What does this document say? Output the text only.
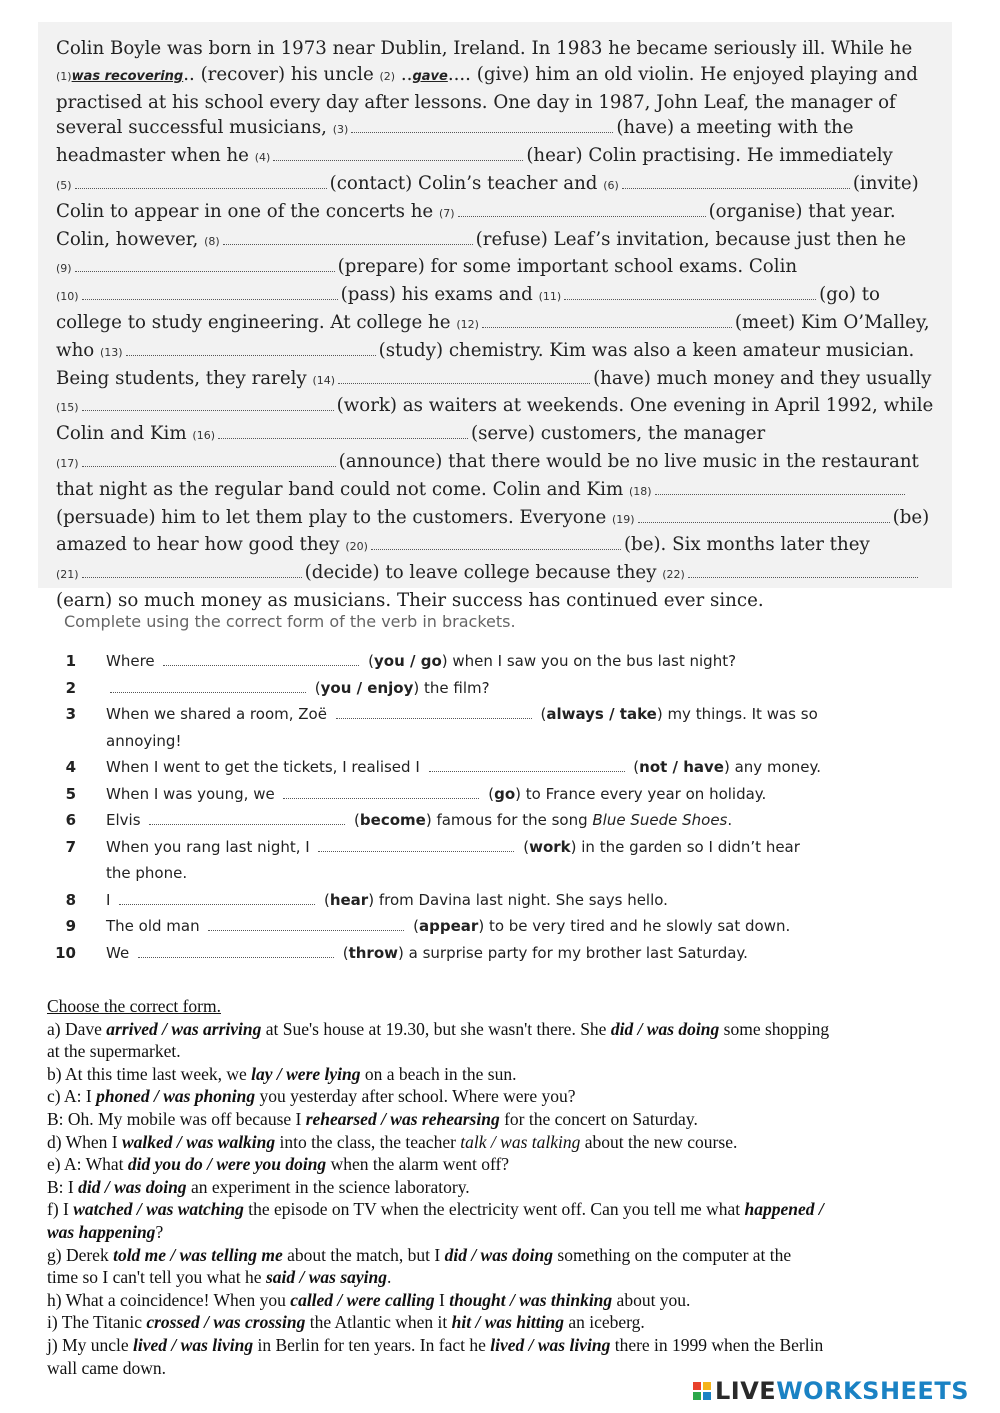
Colin Boyle was born in 1973 near Dublin, Ireland. In 1983 he became seriously ill. While he
(1)was recovering.. (recover) his uncle (2) ..gave.... (give) him an old violin. He enjoyed playing and
practised at his school every day after lessons. One day in 1987, John Leaf, the manager of
several successful musicians, (3)	(have) a meeting with the
headmaster when he (4)	(hear) Colin practising. He immediately
(5)	(contact) Colin’s teacher and (6)	(invite)
Colin to appear in one of the concerts he (7)	(organise) that year.
Colin, however, (8)	(refuse) Leaf’s invitation, because just then he
(9)	(prepare) for some important school exams. Colin
(10)	(pass) his exams and (11)	(go) to
college to study engineering. At college he (12)	(meet) Kim O’Malley,
who (13)	(study) chemistry. Kim was also a keen amateur musician.
Being students, they rarely (14)	(have) much money and they usually
(15)	(work) as waiters at weekends. One evening in April 1992, while
Colin and Kim (16)	(serve) customers, the manager
(17)	(announce) that there would be no live music in the restaurant
that night as the regular band could not come. Colin and Kim (18)
(persuade) him to let them play to the customers. Everyone (19)	(be)
amazed to hear how good they (20)	(be). Six months later they
(21)	(decide) to leave college because they (22)
(earn) so much money as musicians. Their success has continued ever since.
Complete using the correct form of the verb in brackets.
1 Where	(you / go) when I saw you on the bus last night?
2	(you / enjoy) the film?
3 When we shared a room, Zoë	(always / take) my things. It was so
annoying!
4 When I went to get the tickets, I realised I	(not / have) any money.
5 When I was young, we	(go) to France every year on holiday.
6 Elvis	(become) famous for the song Blue Suede Shoes.
7 When you rang last night, I	(work) in the garden so I didn’t hear
the phone.
8 I	(hear) from Davina last night. She says hello.
9 The old man	(appear) to be very tired and he slowly sat down.
10 We	(throw) a surprise party for my brother last Saturday.
Choose the correct form.
a) Dave arrived / was arriving at Sue's house at 19.30, but she wasn't there. She did / was doing some shopping
at the supermarket.
b) At this time last week, we lay / were lying on a beach in the sun.
c) A: I phoned / was phoning you yesterday after school. Where were you?
B: Oh. My mobile was off because I rehearsed / was rehearsing for the concert on Saturday.
d) When I walked / was walking into the class, the teacher talk / was talking about the new course.
e) A: What did you do / were you doing when the alarm went off?
B: I did / was doing an experiment in the science laboratory.
f) I watched / was watching the episode on TV when the electricity went off. Can you tell me what happened /
was happening?
g) Derek told me / was telling me about the match, but I did / was doing something on the computer at the
time so I can't tell you what he said / was saying.
h) What a coincidence! When you called / were calling I thought / was thinking about you.
i) The Titanic crossed / was crossing the Atlantic when it hit / was hitting an iceberg.
j) My uncle lived / was living in Berlin for ten years. In fact he lived / was living there in 1999 when the Berlin
wall came down.
LIVE WORKSHEETS
